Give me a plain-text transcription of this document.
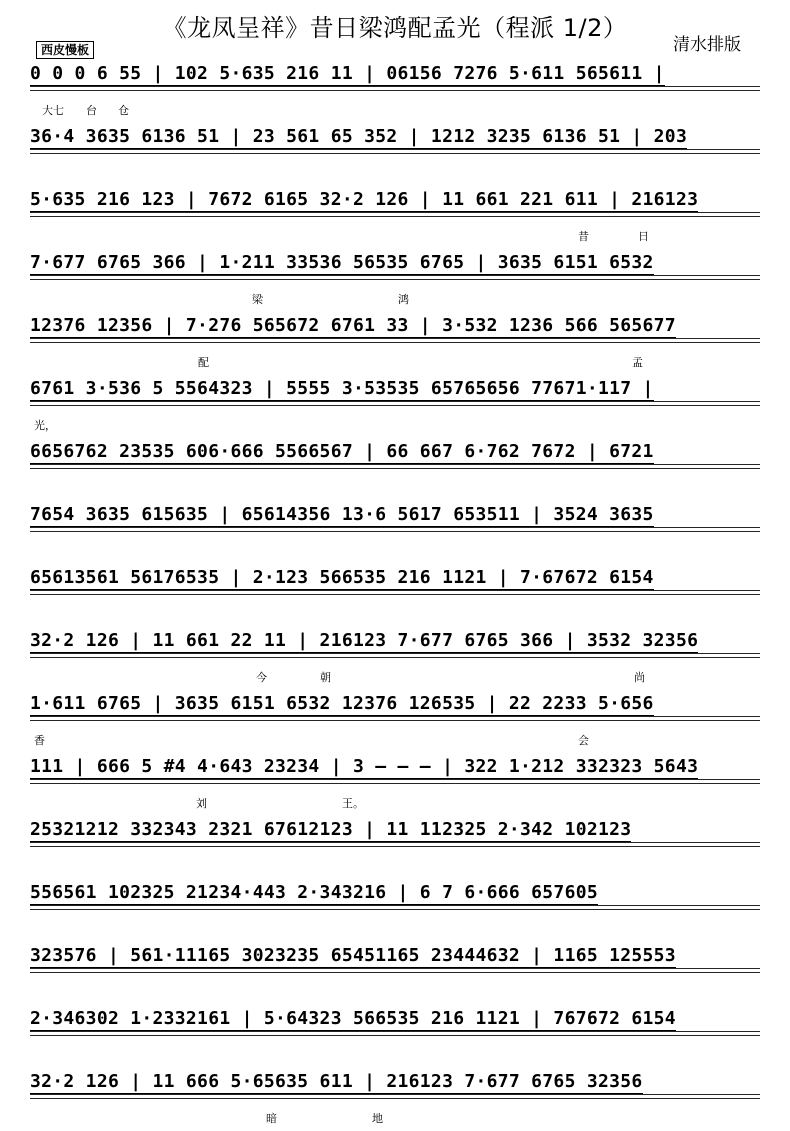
《龙凤呈祥》昔日梁鸿配孟光（程派 1/2）
清水排版
西皮慢板
0 0 0 6 55 | 102 5·635 216 11 | 06156 7276 5·611 565611 |
大七 台 仓
36·4 3635 6136 51 | 23 561 65 352 | 1212 3235 6136 51 | 203
5·635 216 123 | 7672 6165 32·2 126 | 11 661 221 611 | 216123
昔	日
7·677 6765 366 | 1·211 33536 56535 6765 | 3635 6151 6532
梁	鸿
12376 12356 | 7·276 565672 6761 33 | 3·532 1236 566 565677
配	孟
6761 3·536 5 5564323 | 5555 3·53535 65765656 77671·117 |
光，
6656762 23535 606·666 5566567 | 66 667 6·762 7672 | 6721
7654 3635 615635 | 65614356 13·6 5617 653511 | 3524 3635
65613561 56176535 | 2·123 566535 216 1121 | 7·67672 6154
32·2 126 | 11 661 22 11 | 216123 7·677 6765 366 | 3532 32356
今	朝	尚
1·611 6765 | 3635 6151 6532 12376 126535 | 22 2233 5·656
香	会
111 | 666 5 #4 4·643 23234 | 3 — — — | 322 1·212 332323 5643
刘	王。
25321212 332343 2321 67612123 | 11 112325 2·342 102123
556561 102325 21234·443 2·343216 | 6 7 6·666 657605
323576 | 561·11165 3023235 65451165 23444632 | 1165 125553
2·346302 1·2332161 | 5·64323 566535 216 1121 | 767672 6154
32·2 126 | 11 666 5·65635 611 | 216123 7·677 6765 32356
暗	地
